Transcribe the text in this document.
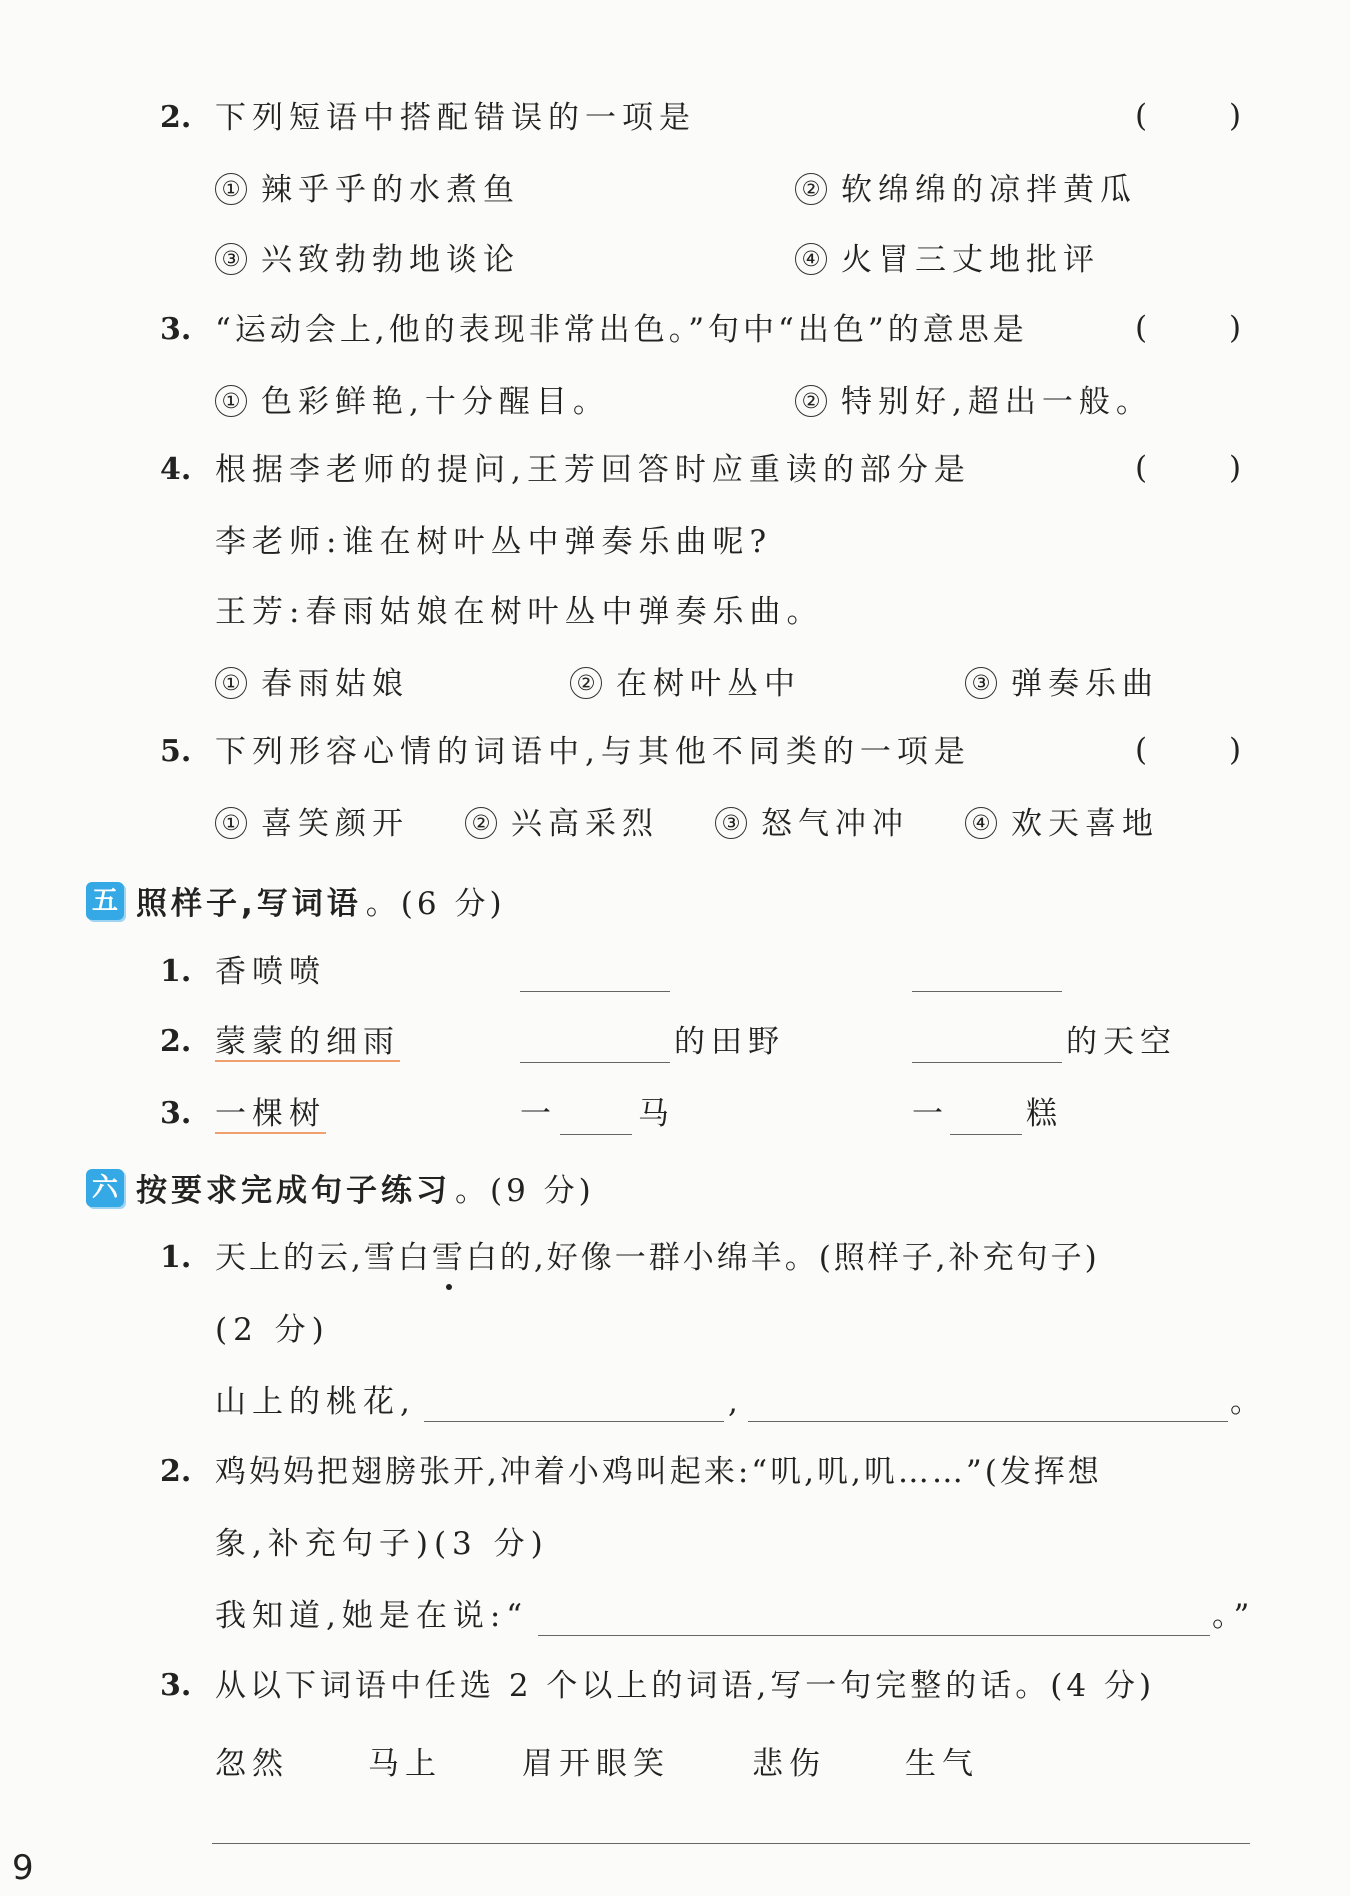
2. 下列短语中搭配错误的一项是	(	)
① 辣乎乎的水煮鱼	② 软绵绵的凉拌黄瓜
③ 兴致勃勃地谈论	④ 火冒三丈地批评
3. “运动会上,他的表现非常出色。”句中“出色”的意思是	(	)
① 色彩鲜艳,十分醒目。	② 特别好,超出一般。
4. 根据李老师的提问,王芳回答时应重读的部分是	(	)
李老师:谁在树叶丛中弹奏乐曲呢?
王芳:春雨姑娘在树叶丛中弹奏乐曲。
① 春雨姑娘	② 在树叶丛中	③ 弹奏乐曲
5. 下列形容心情的词语中,与其他不同类的一项是	(	)
① 喜笑颜开	② 兴高采烈	③ 怒气冲冲	④ 欢天喜地
五 照样子,写词语 。(6 分)
1. 香喷喷
2. 蒙蒙的细雨	的田野	的天空
3. 一棵树	一	马	一 糕
六 按要求完成句子练习 。(9 分)
1. 天上的云,雪白雪白的,好像一群小绵羊。(照样子,补充句子)
(2 分)
山上的桃花,	,	。
2. 鸡妈妈把翅膀张开,冲着小鸡叫起来:“叽,叽,叽……”(发挥想
象,补充句子)(3 分)
我知道,她是在说:“	。”
3. 从以下词语中任选 2 个以上的词语,写一句完整的话。(4 分)
忽然	马上	眉开眼笑	悲伤	生气
9
